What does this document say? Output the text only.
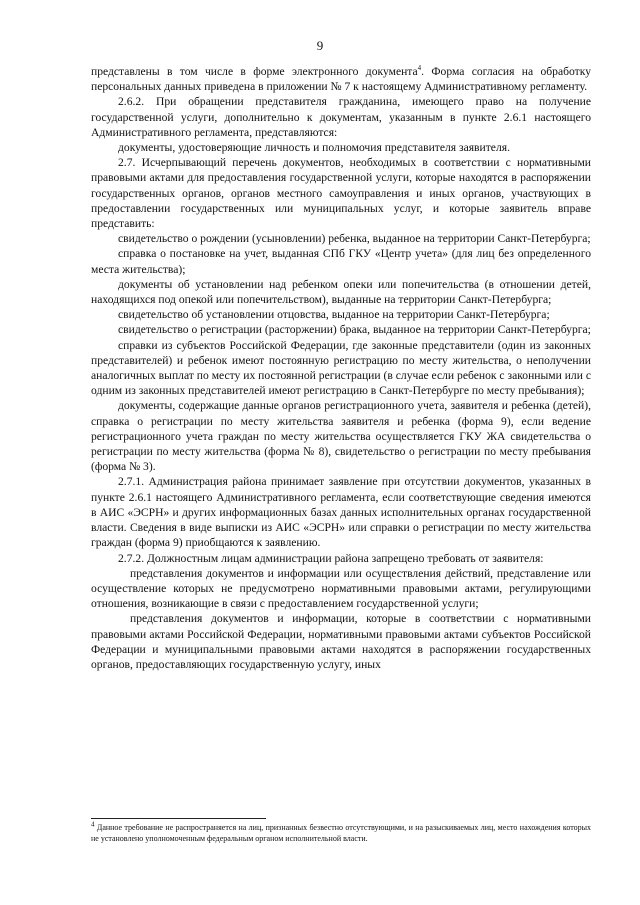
9

представлены в том числе в форме электронного документа$^4$. Форма согласия на обработку персональных данных приведена в приложении № 7 к настоящему Административному регламенту.

2.6.2. При обращении представителя гражданина, имеющего право на получение государственной услуги, дополнительно к документам, указанным в пункте 2.6.1 настоящего Административного регламента, представляются:

документы, удостоверяющие личность и полномочия представителя заявителя.

2.7. Исчерпывающий перечень документов, необходимых в соответствии с нормативными правовыми актами для предоставления государственной услуги, которые находятся в распоряжении государственных органов, органов местного самоуправления и иных органов, участвующих в предоставлении государственных или муниципальных услуг, и которые заявитель вправе представить:

свидетельство о рождении (усыновлении) ребенка, выданное на территории Санкт-Петербурга;

справка о постановке на учет, выданная СПб ГКУ «Центр учета» (для лиц без определенного места жительства);

документы об установлении над ребенком опеки или попечительства (в отношении детей, находящихся под опекой или попечительством), выданные на территории Санкт-Петербурга;

свидетельство об установлении отцовства, выданное на территории Санкт-Петербурга;

свидетельство о регистрации (расторжении) брака, выданное на территории Санкт-Петербурга;

справки из субъектов Российской Федерации, где законные представители (один из законных представителей) и ребенок имеют постоянную регистрацию по месту жительства, о неполучении аналогичных выплат по месту их постоянной регистрации (в случае если ребенок с законными или с одним из законных представителей имеют регистрацию в Санкт-Петербурге по месту пребывания);

документы, содержащие данные органов регистрационного учета, заявителя и ребенка (детей), справка о регистрации по месту жительства заявителя и ребенка (форма 9), если ведение регистрационного учета граждан по месту жительства осуществляется ГКУ ЖА свидетельства о регистрации по месту жительства (форма № 8), свидетельство о регистрации по месту пребывания (форма № 3).

2.7.1. Администрация района принимает заявление при отсутствии документов, указанных в пункте 2.6.1 настоящего Административного регламента, если соответствующие сведения имеются в АИС «ЭСРН» и других информационных базах данных исполнительных органах государственной власти. Сведения в виде выписки из АИС «ЭСРН» или справки о регистрации по месту жительства граждан (форма 9) приобщаются к заявлению.

2.7.2. Должностным лицам администрации района запрещено требовать от заявителя:

представления документов и информации или осуществления действий, представление или осуществление которых не предусмотрено нормативными правовыми актами, регулирующими отношения, возникающие в связи с предоставлением государственной услуги;

представления документов и информации, которые в соответствии с нормативными правовыми актами Российской Федерации, нормативными правовыми актами субъектов Российской Федерации и муниципальными правовыми актами находятся в распоряжении государственных органов, предоставляющих государственную услугу, иных

$^4$ Данное требование не распространяется на лиц, признанных безвестно отсутствующими, и на разыскиваемых лиц, место нахождения которых не установлено уполномоченным федеральным органом исполнительной власти.
